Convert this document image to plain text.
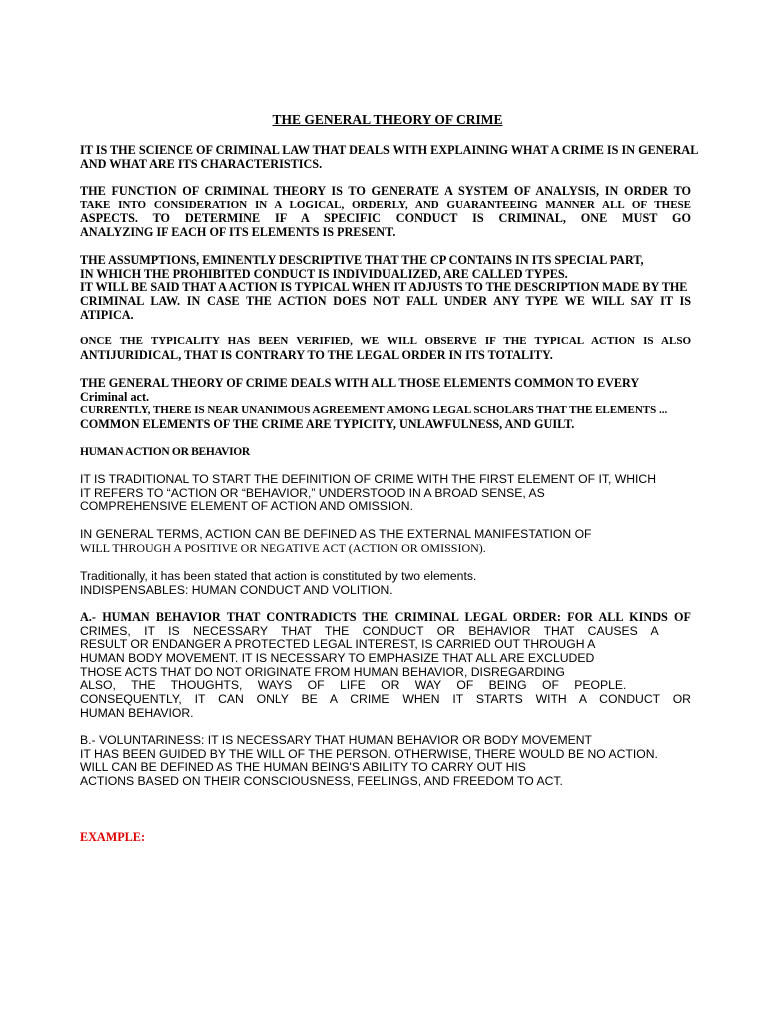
THE GENERAL THEORY OF CRIME
IT IS THE SCIENCE OF CRIMINAL LAW THAT DEALS WITH EXPLAINING WHAT A CRIME IS IN GENERAL
AND WHAT ARE ITS CHARACTERISTICS.
THE FUNCTION OF CRIMINAL THEORY IS TO GENERATE A SYSTEM OF ANALYSIS, IN ORDER TO
TAKE INTO CONSIDERATION IN A LOGICAL, ORDERLY, AND GUARANTEEING MANNER ALL OF THESE
ASPECTS. TO DETERMINE IF A SPECIFIC CONDUCT IS CRIMINAL, ONE MUST GO
ANALYZING IF EACH OF ITS ELEMENTS IS PRESENT.
THE ASSUMPTIONS, EMINENTLY DESCRIPTIVE THAT THE CP CONTAINS IN ITS SPECIAL PART,
IN WHICH THE PROHIBITED CONDUCT IS INDIVIDUALIZED, ARE CALLED TYPES.
IT WILL BE SAID THAT A ACTION IS TYPICAL WHEN IT ADJUSTS TO THE DESCRIPTION MADE BY THE
CRIMINAL LAW. IN CASE THE ACTION DOES NOT FALL UNDER ANY TYPE WE WILL SAY IT IS
ATIPICA.
ONCE THE TYPICALITY HAS BEEN VERIFIED, WE WILL OBSERVE IF THE TYPICAL ACTION IS ALSO
ANTIJURIDICAL, THAT IS CONTRARY TO THE LEGAL ORDER IN ITS TOTALITY.
THE GENERAL THEORY OF CRIME DEALS WITH ALL THOSE ELEMENTS COMMON TO EVERY
Criminal act.
CURRENTLY, THERE IS NEAR UNANIMOUS AGREEMENT AMONG LEGAL SCHOLARS THAT THE ELEMENTS ...
COMMON ELEMENTS OF THE CRIME ARE TYPICITY, UNLAWFULNESS, AND GUILT.
HUMAN ACTION OR BEHAVIOR
IT IS TRADITIONAL TO START THE DEFINITION OF CRIME WITH THE FIRST ELEMENT OF IT, WHICH
IT REFERS TO “ACTION OR “BEHAVIOR,” UNDERSTOOD IN A BROAD SENSE, AS
COMPREHENSIVE ELEMENT OF ACTION AND OMISSION.
IN GENERAL TERMS, ACTION CAN BE DEFINED AS THE EXTERNAL MANIFESTATION OF
WILL THROUGH A POSITIVE OR NEGATIVE ACT (ACTION OR OMISSION).
Traditionally, it has been stated that action is constituted by two elements.
INDISPENSABLES: HUMAN CONDUCT AND VOLITION.
A.- HUMAN BEHAVIOR THAT CONTRADICTS THE CRIMINAL LEGAL ORDER: FOR ALL KINDS OF
CRIMES, IT IS NECESSARY THAT THE CONDUCT OR BEHAVIOR THAT CAUSES A
RESULT OR ENDANGER A PROTECTED LEGAL INTEREST, IS CARRIED OUT THROUGH A
HUMAN BODY MOVEMENT. IT IS NECESSARY TO EMPHASIZE THAT ALL ARE EXCLUDED
THOSE ACTS THAT DO NOT ORIGINATE FROM HUMAN BEHAVIOR, DISREGARDING
ALSO, THE THOUGHTS, WAYS OF LIFE OR WAY OF BEING OF PEOPLE.
CONSEQUENTLY, IT CAN ONLY BE A CRIME WHEN IT STARTS WITH A CONDUCT OR
HUMAN BEHAVIOR.
B.- VOLUNTARINESS: IT IS NECESSARY THAT HUMAN BEHAVIOR OR BODY MOVEMENT
IT HAS BEEN GUIDED BY THE WILL OF THE PERSON. OTHERWISE, THERE WOULD BE NO ACTION.
WILL CAN BE DEFINED AS THE HUMAN BEING'S ABILITY TO CARRY OUT HIS
ACTIONS BASED ON THEIR CONSCIOUSNESS, FEELINGS, AND FREEDOM TO ACT.
EXAMPLE:
